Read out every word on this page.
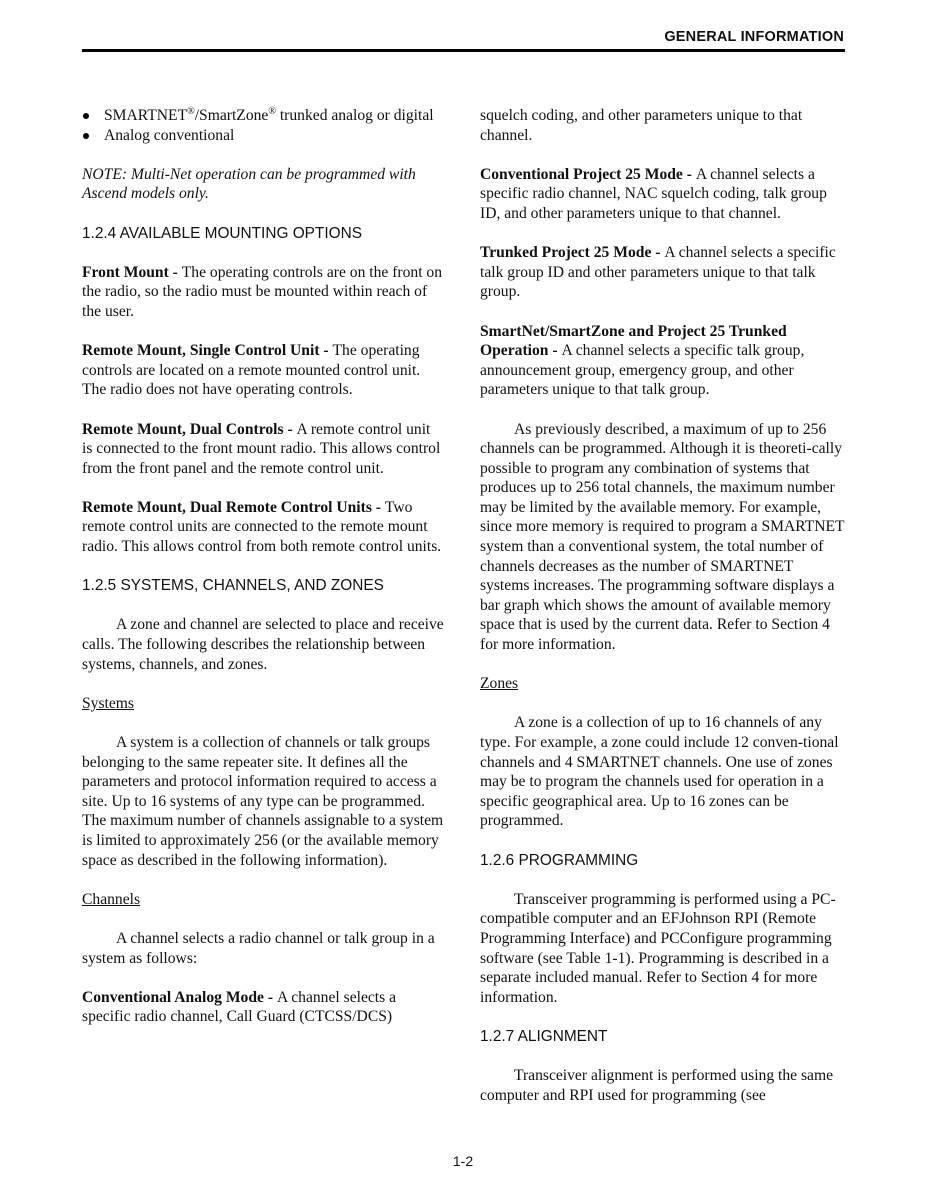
GENERAL INFORMATION
SMARTNET®/SmartZone® trunked analog or digital
Analog conventional

NOTE: Multi-Net operation can be programmed with Ascend models only.

1.2.4 AVAILABLE MOUNTING OPTIONS

Front Mount - The operating controls are on the front on the radio, so the radio must be mounted within reach of the user.

Remote Mount, Single Control Unit - The operating controls are located on a remote mounted control unit. The radio does not have operating controls.

Remote Mount, Dual Controls - A remote control unit is connected to the front mount radio. This allows control from the front panel and the remote control unit.

Remote Mount, Dual Remote Control Units - Two remote control units are connected to the remote mount radio. This allows control from both remote control units.

1.2.5 SYSTEMS, CHANNELS, AND ZONES

A zone and channel are selected to place and receive calls. The following describes the relationship between systems, channels, and zones.

Systems

A system is a collection of channels or talk groups belonging to the same repeater site. It defines all the parameters and protocol information required to access a site. Up to 16 systems of any type can be programmed. The maximum number of channels assignable to a system is limited to approximately 256 (or the available memory space as described in the following information).

Channels

A channel selects a radio channel or talk group in a system as follows:

Conventional Analog Mode - A channel selects a specific radio channel, Call Guard (CTCSS/DCS)

squelch coding, and other parameters unique to that channel.

Conventional Project 25 Mode - A channel selects a specific radio channel, NAC squelch coding, talk group ID, and other parameters unique to that channel.

Trunked Project 25 Mode - A channel selects a specific talk group ID and other parameters unique to that talk group.

SmartNet/SmartZone and Project 25 Trunked Operation - A channel selects a specific talk group, announcement group, emergency group, and other parameters unique to that talk group.

As previously described, a maximum of up to 256 channels can be programmed. Although it is theoreti-cally possible to program any combination of systems that produces up to 256 total channels, the maximum number may be limited by the available memory. For example, since more memory is required to program a SMARTNET system than a conventional system, the total number of channels decreases as the number of SMARTNET systems increases. The programming software displays a bar graph which shows the amount of available memory space that is used by the current data. Refer to Section 4 for more information.

Zones

A zone is a collection of up to 16 channels of any type. For example, a zone could include 12 conven-tional channels and 4 SMARTNET channels. One use of zones may be to program the channels used for operation in a specific geographical area. Up to 16 zones can be programmed.

1.2.6 PROGRAMMING

Transceiver programming is performed using a PC-compatible computer and an EFJohnson RPI (Remote Programming Interface) and PCConfigure programming software (see Table 1-1). Programming is described in a separate included manual. Refer to Section 4 for more information.

1.2.7 ALIGNMENT

Transceiver alignment is performed using the same computer and RPI used for programming (see

1-2
